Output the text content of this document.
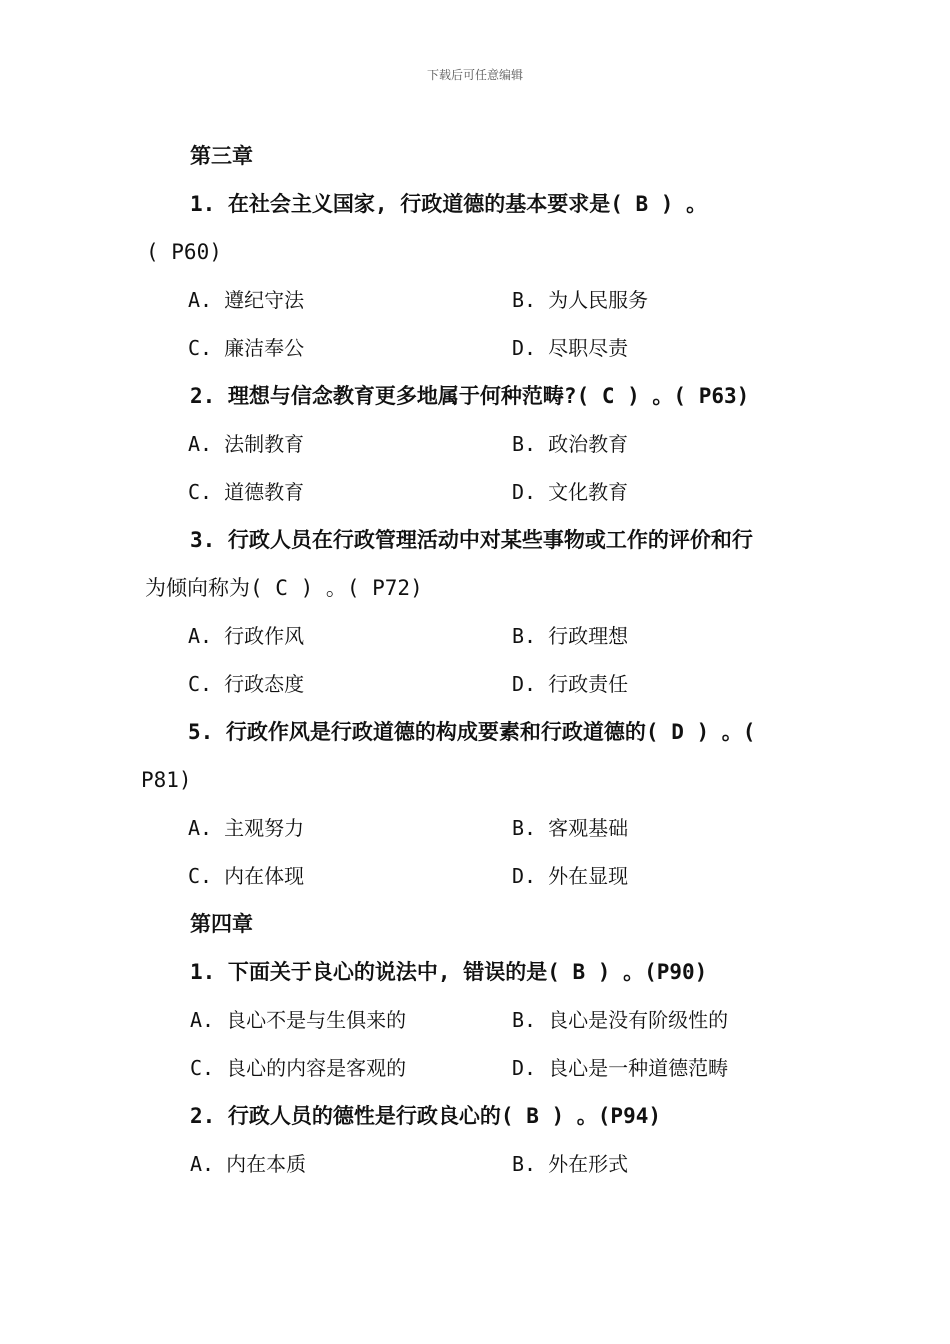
下载后可任意编辑
第三章
1. 在社会主义国家, 行政道德的基本要求是( B ) 。
( P60)
A. 遵纪守法	B. 为人民服务
C. 廉洁奉公	D. 尽职尽责
2. 理想与信念教育更多地属于何种范畴?( C ) 。( P63)
A. 法制教育	B. 政治教育
C. 道德教育	D. 文化教育
3. 行政人员在行政管理活动中对某些事物或工作的评价和行
为倾向称为( C ) 。( P72)
A. 行政作风	B. 行政理想
C. 行政态度	D. 行政责任
5. 行政作风是行政道德的构成要素和行政道德的( D ) 。(
P81)
A. 主观努力	B. 客观基础
C. 内在体现	D. 外在显现
第四章
1. 下面关于良心的说法中, 错误的是( B ) 。(P90)
A. 良心不是与生俱来的	B. 良心是没有阶级性的
C. 良心的内容是客观的	D. 良心是一种道德范畴
2. 行政人员的德性是行政良心的( B ) 。(P94)
A. 内在本质	B. 外在形式
